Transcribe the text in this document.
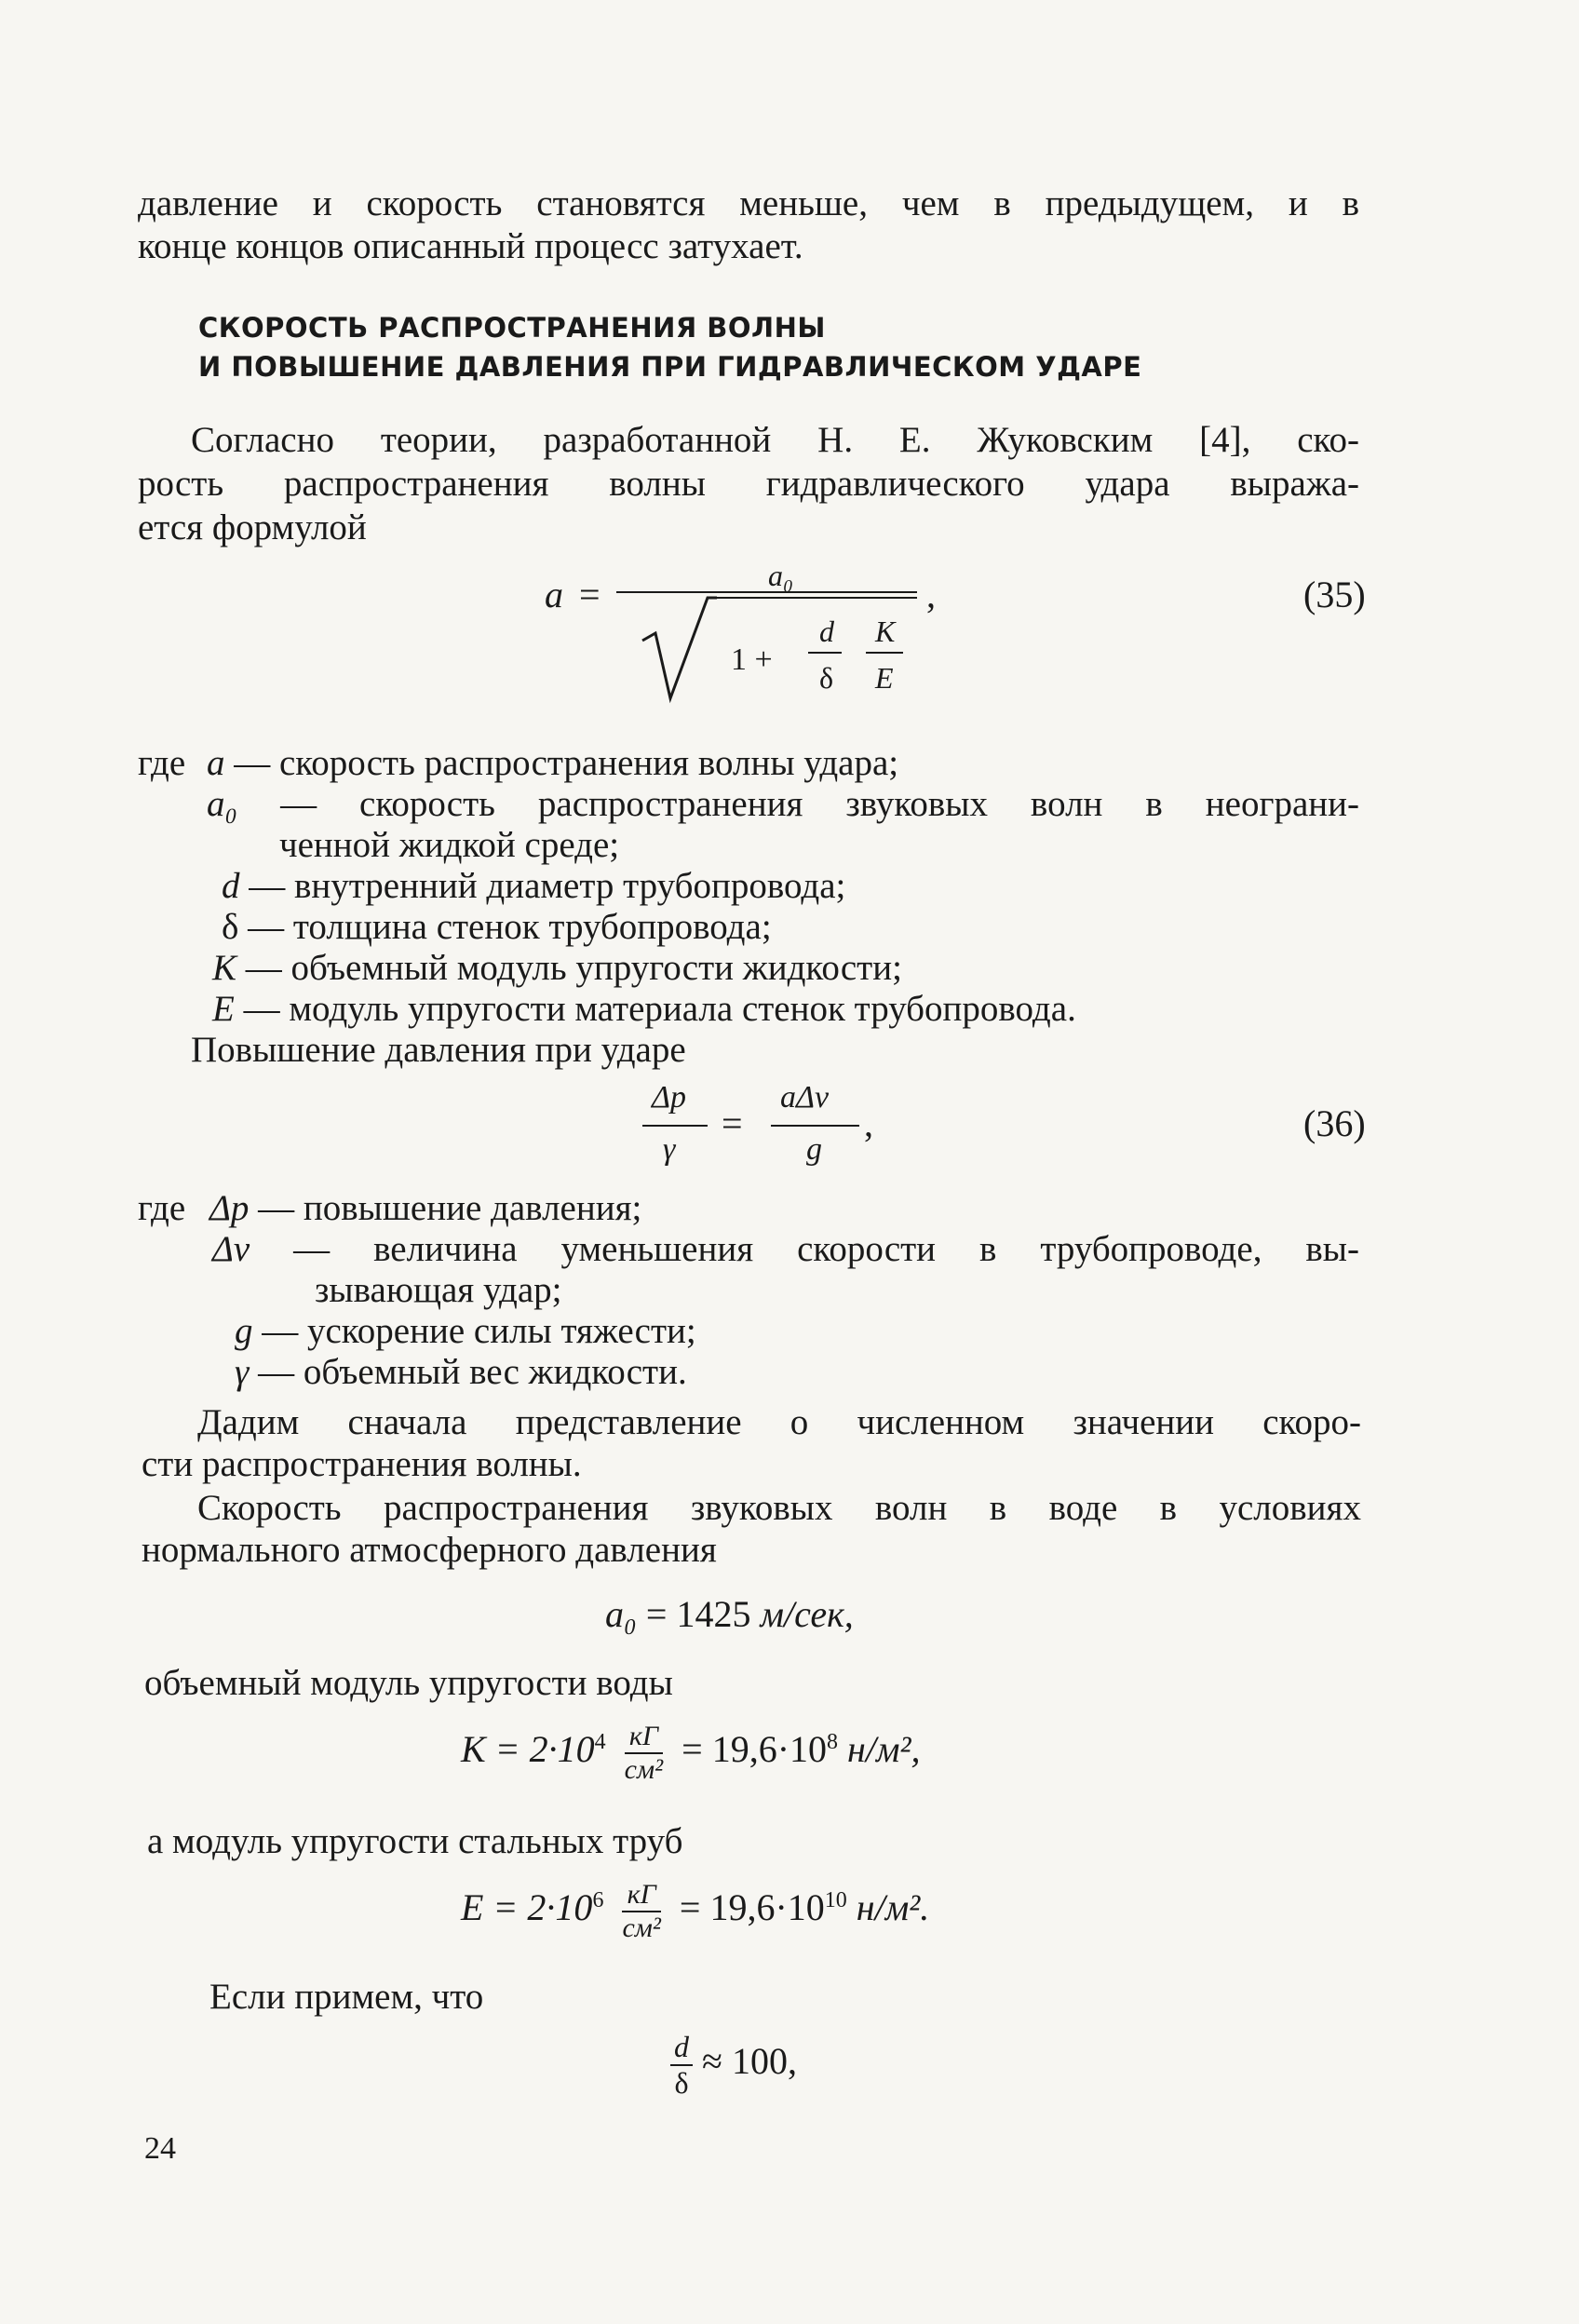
давление и скорость становятся меньше, чем в предыдущем, и в
конце концов описанный процесс затухает.
СКОРОСТЬ РАСПРОСТРАНЕНИЯ ВОЛНЫ
И ПОВЫШЕНИЕ ДАВЛЕНИЯ ПРИ ГИДРАВЛИЧЕСКОМ УДАРЕ
Согласно теории, разработанной Н. Е. Жуковским [4], ско-
рость распространения волны гидравлического удара выража-
ется формулой
a =	a₀
1 +
d
δ
K
E
,	(35)
где a — скорость распространения волны удара;
a₀ — скорость распространения звуковых волн в неограни-
ченной жидкой среде;
d — внутренний диаметр трубопровода;
δ — толщина стенок трубопровода;
K — объемный модуль упругости жидкости;
E — модуль упругости материала стенок трубопровода.
Повышение давления при ударе
Δp
γ
=
aΔv
g
,	(36)
где Δp — повышение давления;
Δv — величина уменьшения скорости в трубопроводе, вы-
зывающая удар;
g — ускорение силы тяжести;
γ — объемный вес жидкости.
Дадим сначала представление о численном значении скоро-
сти распространения волны.
Скорость распространения звуковых волн в воде в условиях
нормального атмосферного давления
a₀ = 1425 м/сек,
объемный модуль упругости воды
$K = 2\cdot 10^4 \frac{кГ}{\text{см²}} = 19,6\cdot 10^8$ н/м²,
а модуль упругости стальных труб
$E = 2\cdot 10^6 \frac{кГ}{\text{см²}} = 19,6\cdot 10^{10}$ н/м².
Если примем, что
$\frac{d}{\delta} \approx 100$,
24
